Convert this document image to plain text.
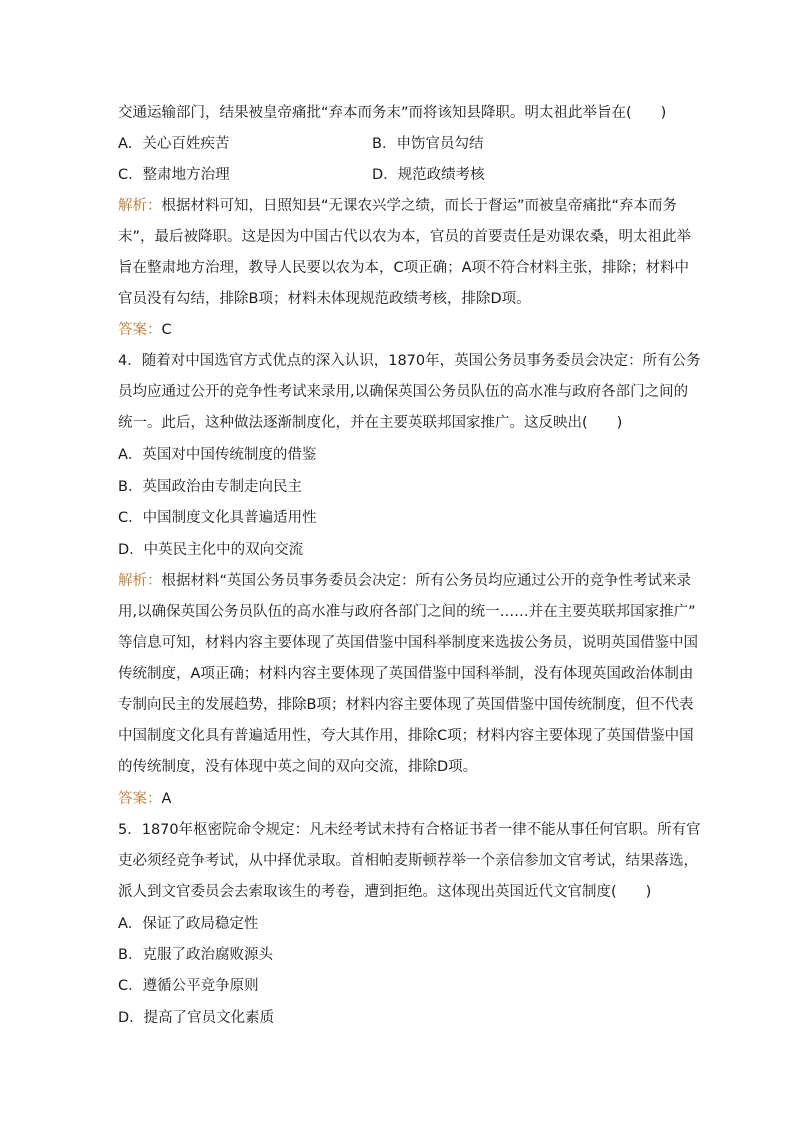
交通运输部门，结果被皇帝痛批“弃本而务末”而将该知县降职。明太祖此举旨在(　　)
A．关心百姓疾苦	B．申饬官员勾结
C．整肃地方治理	D．规范政绩考核
解析：根据材料可知，日照知县“无课农兴学之绩，而长于督运”而被皇帝痛批“弃本而务
末”，最后被降职。这是因为中国古代以农为本，官员的首要责任是劝课农桑，明太祖此举
旨在整肃地方治理，教导人民要以农为本，C项正确；A项不符合材料主张，排除；材料中
官员没有勾结，排除B项；材料未体现规范政绩考核，排除D项。
答案：C
4．随着对中国选官方式优点的深入认识，1870年，英国公务员事务委员会决定：所有公务
员均应通过公开的竞争性考试来录用,以确保英国公务员队伍的高水准与政府各部门之间的
统一。此后，这种做法逐渐制度化，并在主要英联邦国家推广。这反映出(　　)
A．英国对中国传统制度的借鉴
B．英国政治由专制走向民主
C．中国制度文化具普遍适用性
D．中英民主化中的双向交流
解析：根据材料“英国公务员事务委员会决定：所有公务员均应通过公开的竞争性考试来录
用,以确保英国公务员队伍的高水准与政府各部门之间的统一……并在主要英联邦国家推广”
等信息可知，材料内容主要体现了英国借鉴中国科举制度来选拔公务员，说明英国借鉴中国
传统制度，A项正确；材料内容主要体现了英国借鉴中国科举制，没有体现英国政治体制由
专制向民主的发展趋势，排除B项；材料内容主要体现了英国借鉴中国传统制度，但不代表
中国制度文化具有普遍适用性，夸大其作用，排除C项；材料内容主要体现了英国借鉴中国
的传统制度，没有体现中英之间的双向交流，排除D项。
答案：A
5．1870年枢密院命令规定：凡未经考试未持有合格证书者一律不能从事任何官职。所有官
吏必须经竞争考试，从中择优录取。首相帕麦斯顿荐举一个亲信参加文官考试，结果落选，
派人到文官委员会去索取该生的考卷，遭到拒绝。这体现出英国近代文官制度(　　)
A．保证了政局稳定性
B．克服了政治腐败源头
C．遵循公平竞争原则
D．提高了官员文化素质
